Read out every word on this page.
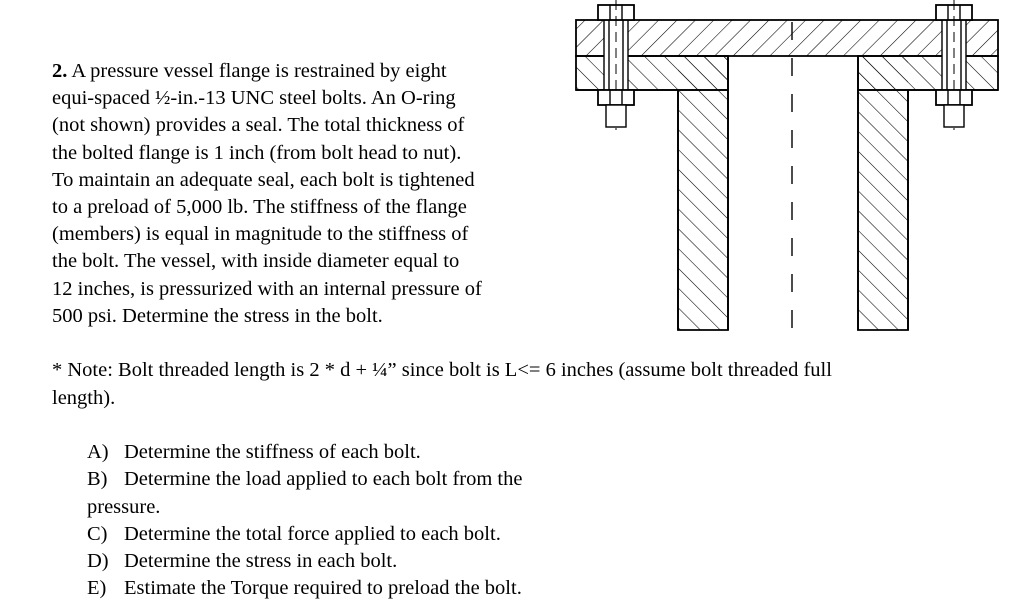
2. A pressure vessel flange is restrained by eight
equi-spaced ½-in.-13 UNC steel bolts. An O-ring
(not shown) provides a seal. The total thickness of
the bolted flange is 1 inch (from bolt head to nut).
To maintain an adequate seal, each bolt is tightened
to a preload of 5,000 lb. The stiffness of the flange
(members) is equal in magnitude to the stiffness of
the bolt. The vessel, with inside diameter equal to
12 inches, is pressurized with an internal pressure of
500 psi. Determine the stress in the bolt.
* Note: Bolt threaded length is 2 * d + ¼” since bolt is L<= 6 inches (assume bolt threaded full
length).
A) Determine the stiffness of each bolt.
B) Determine the load applied to each bolt from the
pressure.
C) Determine the total force applied to each bolt.
D) Determine the stress in each bolt.
E) Estimate the Torque required to preload the bolt.
